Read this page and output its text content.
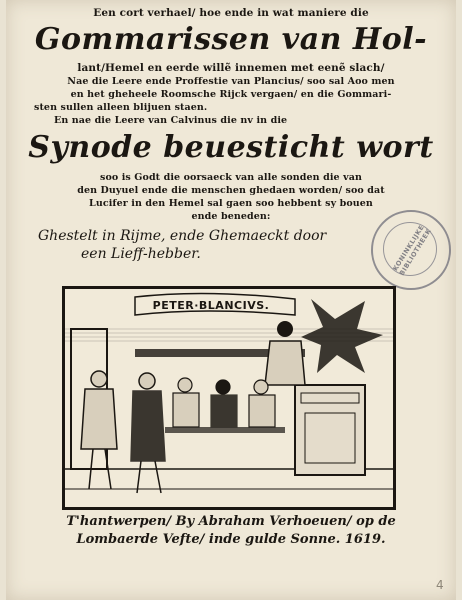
Een cort verhael/ hoe ende in wat maniere die
Gommarissen van Hol-
lant/Hemel en eerde willẽ innemen met eenẽ slach/
Nae die Leere ende Proffestie van Plancius/ soo sal Aoo men
en het gheheele Roomsche Rijck vergaen/ en die Gommari-
sten sullen alleen blijuen staen.
En nae die Leere van Calvinus die nv in die
Synode beuesticht wort
soo is Godt die oorsaeck van alle sonden die van
den Duyuel ende die menschen ghedaen worden/ soo dat
Lucifer in den Hemel sal gaen soo hebbent sy bouen
ende beneden:
Ghestelt in Rijme, ende Ghemaeckt door
een Lieff-hebber.	KONINKLIJKE BIBLIOTHEEK
PETER·BLANCIVS.
T'hantwerpen/ By Abraham Verhoeuen/ op de
Lombaerde Vefte/ inde gulde Sonne. 1619.
4
